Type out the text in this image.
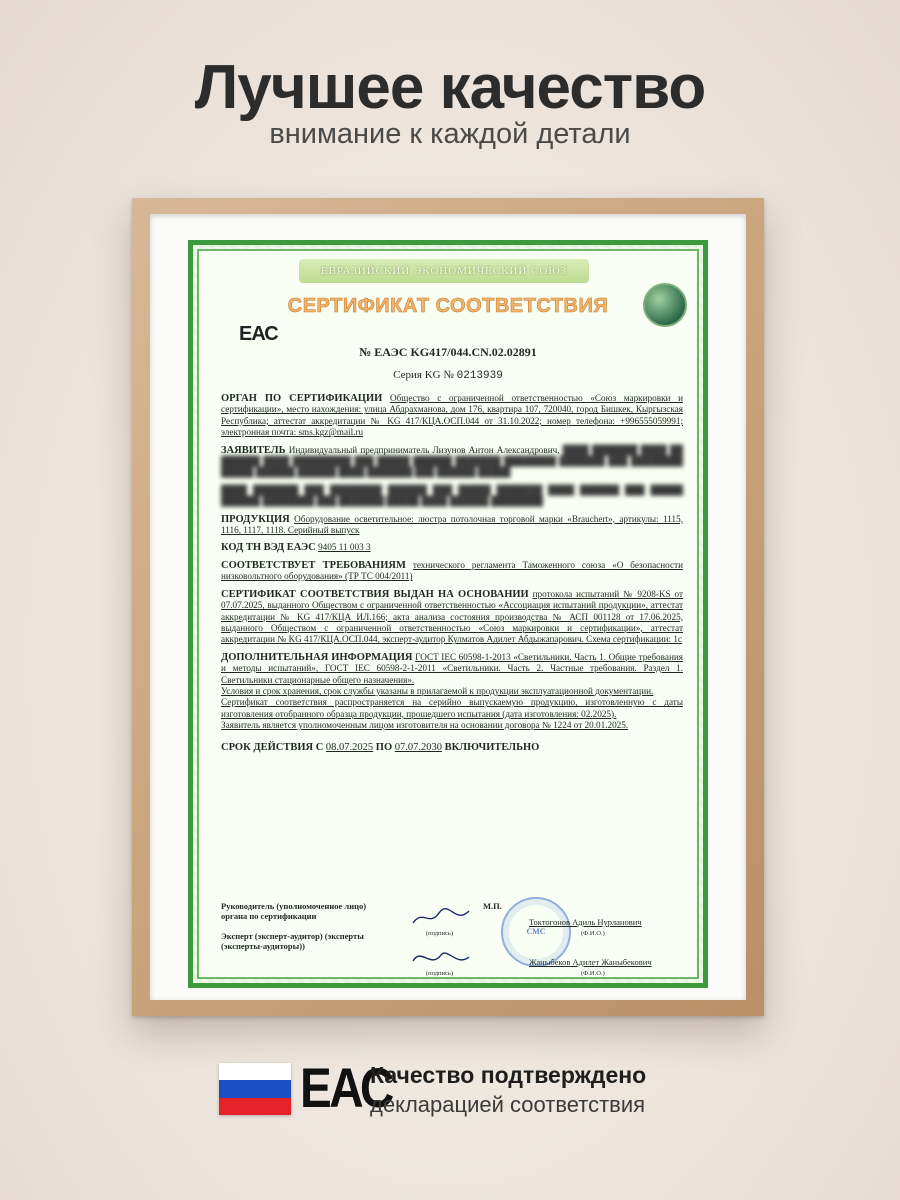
Лучшее качество
внимание к каждой детали
ЕВРАЗИЙСКИЙ ЭКОНОМИЧЕСКИЙ СОЮЗ
СЕРТИФИКАТ СООТВЕТСТВИЯ
ЕАС
№ ЕАЭС KG417/044.CN.02.02891
Серия KG № 0213939

ОРГАН ПО СЕРТИФИКАЦИИ Общество с ограниченной ответственностью «Союз маркировки и сертификации», место нахождения: улица Абдрахманова, дом 176, квартира 107, 720040, город Бишкек, Кыргызская Республика; аттестат аккредитации № KG 417/КЦА.ОСП.044 от 31.10.2022; номер телефона: +996555059991; электронная почта: sms.kgz@mail.ru

ЗАЯВИТЕЛЬ Индивидуальный предприниматель Лизунов Антон Александрович, ████ ███████ ████ ██ ██████ ████ █████████ ███ █████ ██████ ███████ ████████ ███████ ███ ████████ █████ ██████ ██████ ████ ███████ ███ ██████ █████

████ ███████ ███ ████████ ██████ ███ █████ ███████ ████ ██████ ███ █████ ██████ ████████ ███ ███████ █████ ████ ██████ ████████

ПРОДУКЦИЯ Оборудование осветительное: люстра потолочная торговой марки «Brauchert», артикулы: 1115, 1116, 1117, 1118. Серийный выпуск

КОД ТН ВЭД ЕАЭС 9405 11 003 3

СООТВЕТСТВУЕТ ТРЕБОВАНИЯМ технического регламента Таможенного союза «О безопасности низковольтного оборудования» (ТР ТС 004/2011)

СЕРТИФИКАТ СООТВЕТСТВИЯ ВЫДАН НА ОСНОВАНИИ протокола испытаний № 9208-KS от 07.07.2025, выданного Обществом с ограниченной ответственностью «Ассоциация испытаний продукции», аттестат аккредитации № KG 417/КЦА ИЛ.166; акта анализа состояния производства № АСП 001128 от 17.06.2025, выданного Обществом с ограниченной ответственностью «Союз маркировки и сертификации», аттестат аккредитации № KG 417/КЦА.ОСП.044, эксперт-аудитор Кулматов Адилет Абдыжапарович. Схема сертификации: 1с

ДОПОЛНИТЕЛЬНАЯ ИНФОРМАЦИЯ ГОСТ IEC 60598-1-2013 «Светильники. Часть 1. Общие требования и методы испытаний», ГОСТ IEC 60598-2-1-2011 «Светильники. Часть 2. Частные требования. Раздел 1. Светильники стационарные общего назначения».
Условия и срок хранения, срок службы указаны в прилагаемой к продукции эксплуатационной документации.
Сертификат соответствия распространяется на серийно выпускаемую продукцию, изготовленную с даты изготовления отобранного образца продукции, прошедшего испытания (дата изготовления: 02.2025).
Заявитель является уполномоченным лицом изготовителя на основании договора № 1224 от 20.01.2025.

СРОК ДЕЙСТВИЯ С 08.07.2025 ПО 07.07.2030 ВКЛЮЧИТЕЛЬНО

Руководитель (уполномоченное лицо) органа по сертификации
Эксперт (эксперт-аудитор) (эксперты (эксперты-аудиторы))
(подпись)
(подпись)
СМС
М.П.
Токтогонов Адиль Нурланович
(Ф.И.О.)
Жаныбеков Адилет Жаныбекович
(Ф.И.О.)
ЕАС
Качество подтверждено
декларацией соответствия
